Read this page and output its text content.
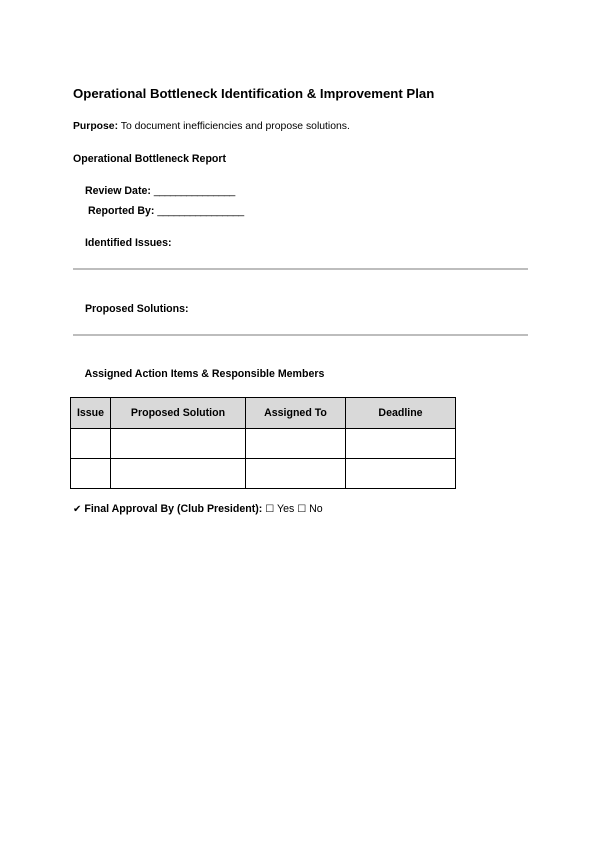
Operational Bottleneck Identification & Improvement Plan
Purpose: To document inefficiencies and propose solutions.
Operational Bottleneck Report
Review Date: _______________
Reported By: ________________
Identified Issues:
Proposed Solutions:
Assigned Action Items & Responsible Members
Issue	Proposed Solution	Assigned To	Deadline

✔ Final Approval By (Club President): ☐ Yes ☐ No
